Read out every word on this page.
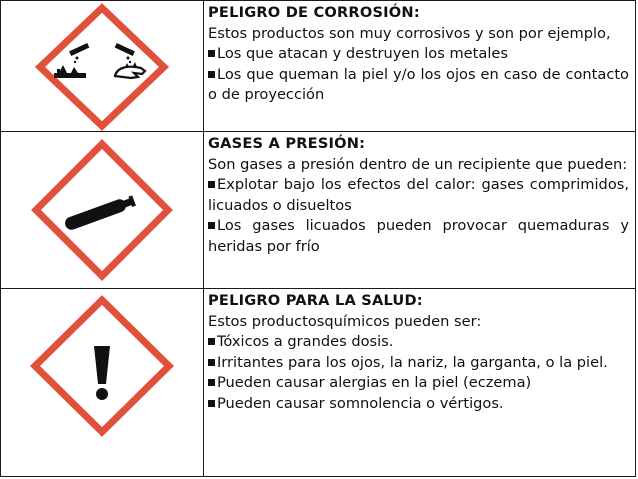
PELIGRO DE CORROSIÓN:

Estos productos son muy corrosivos y son por ejemplo,

Los que atacan y destruyen los metales

Los que queman la piel y/o los ojos en caso de contacto o de proyección

GASES A PRESIÓN:

Son gases a presión dentro de un recipiente que pueden:

Explotar bajo los efectos del calor: gases comprimidos, licuados o disueltos

Los gases licuados pueden provocar quemaduras y heridas por frío

PELIGRO PARA LA SALUD:

Estos productosquímicos pueden ser:

Tóxicos a grandes dosis.

Irritantes para los ojos, la nariz, la garganta, o la piel.

Pueden causar alergias en la piel (eczema)

Pueden causar somnolencia o vértigos.
